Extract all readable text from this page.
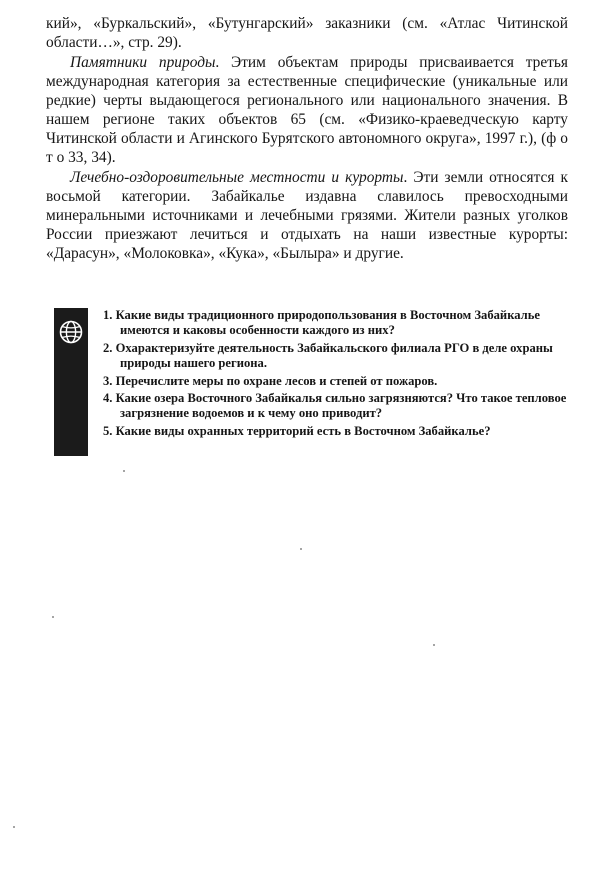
кий», «Буркальский», «Бутунгарский» заказники (см. «Атлас Читинской области…», стр. 29).

Памятники природы. Этим объектам природы присваивается третья международная категория за естественные специфические (уникальные или редкие) черты выдающегося регионального или национального значения. В нашем регионе таких объектов 65 (см. «Физико-краеведческую карту Читинской области и Агинского Бурятского автономного округа», 1997 г.), (ф о т о 33, 34).

Лечебно-оздоровительные местности и курорты. Эти земли относятся к восьмой категории. Забайкалье издавна славилось превосходными минеральными источниками и лечебными грязями. Жители разных уголков России приезжают лечиться и отдыхать на наши известные курорты: «Дарасун», «Молоковка», «Кука», «Былыра» и другие.

1. Какие виды традиционного природопользования в Восточном Забайкалье имеются и каковы особенности каждого из них?
2. Охарактеризуйте деятельность Забайкальского филиала РГО в деле охраны природы нашего региона.
3. Перечислите меры по охране лесов и степей от пожаров.
4. Какие озера Восточного Забайкалья сильно загрязняются? Что такое тепловое загрязнение водоемов и к чему оно приводит?
5. Какие виды охранных территорий есть в Восточном Забайкалье?
